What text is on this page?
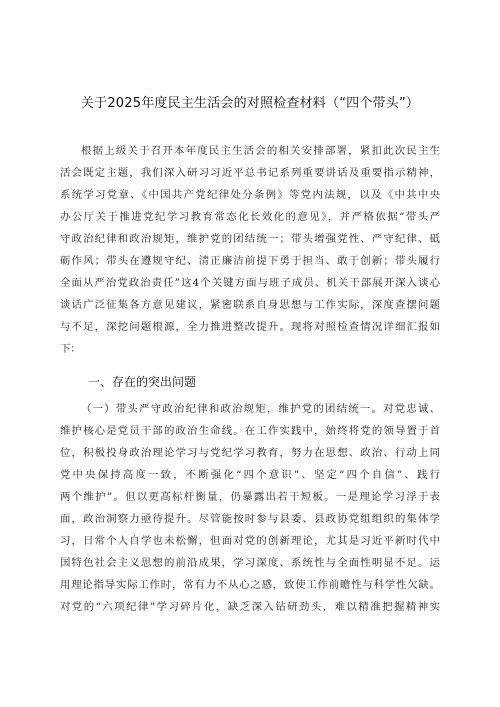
关于2025年度民主生活会的对照检查材料（“四个带头”）

根据上级关于召开本年度民主生活会的相关安排部署，紧扣此次民主生
活会既定主题，我们深入研习习近平总书记系列重要讲话及重要指示精神，
系统学习党章、《中国共产党纪律处分条例》等党内法规，以及《中共中央
办公厅关于推进党纪学习教育常态化长效化的意见》，并严格依据“带头严
守政治纪律和政治规矩，维护党的团结统一；带头增强党性、严守纪律、砥
砺作风；带头在遵规守纪、清正廉洁前提下勇于担当、敢于创新；带头履行
全面从严治党政治责任”这4个关键方面与班子成员、机关干部展开深入谈心
谈话广泛征集各方意见建议，紧密联系自身思想与工作实际，深度查摆问题
与不足，深挖问题根源，全力推进整改提升。现将对照检查情况详细汇报如
下：

一、存在的突出问题

（一）带头严守政治纪律和政治规矩，维护党的团结统一。对党忠诚、
维护核心是党员干部的政治生命线。在工作实践中，始终将党的领导置于首
位，积极投身政治理论学习与党纪学习教育，努力在思想、政治、行动上同
党中央保持高度一致，不断强化“四个意识”、坚定“四个自信”、践行
两个维护”。但以更高标杆衡量，仍暴露出若干短板。一是理论学习浮于表
面，政治洞察力亟待提升。尽管能按时参与县委、县政协党组组织的集体学
习，日常个人自学也未松懈，但面对党的创新理论，尤其是习近平新时代中
国特色社会主义思想的前沿成果，学习深度、系统性与全面性明显不足。运
用理论指导实际工作时，常有力不从心之感，致使工作前瞻性与科学性欠缺。
对党的“六项纪律”学习碎片化，缺乏深入钻研劲头，难以精准把握精神实
